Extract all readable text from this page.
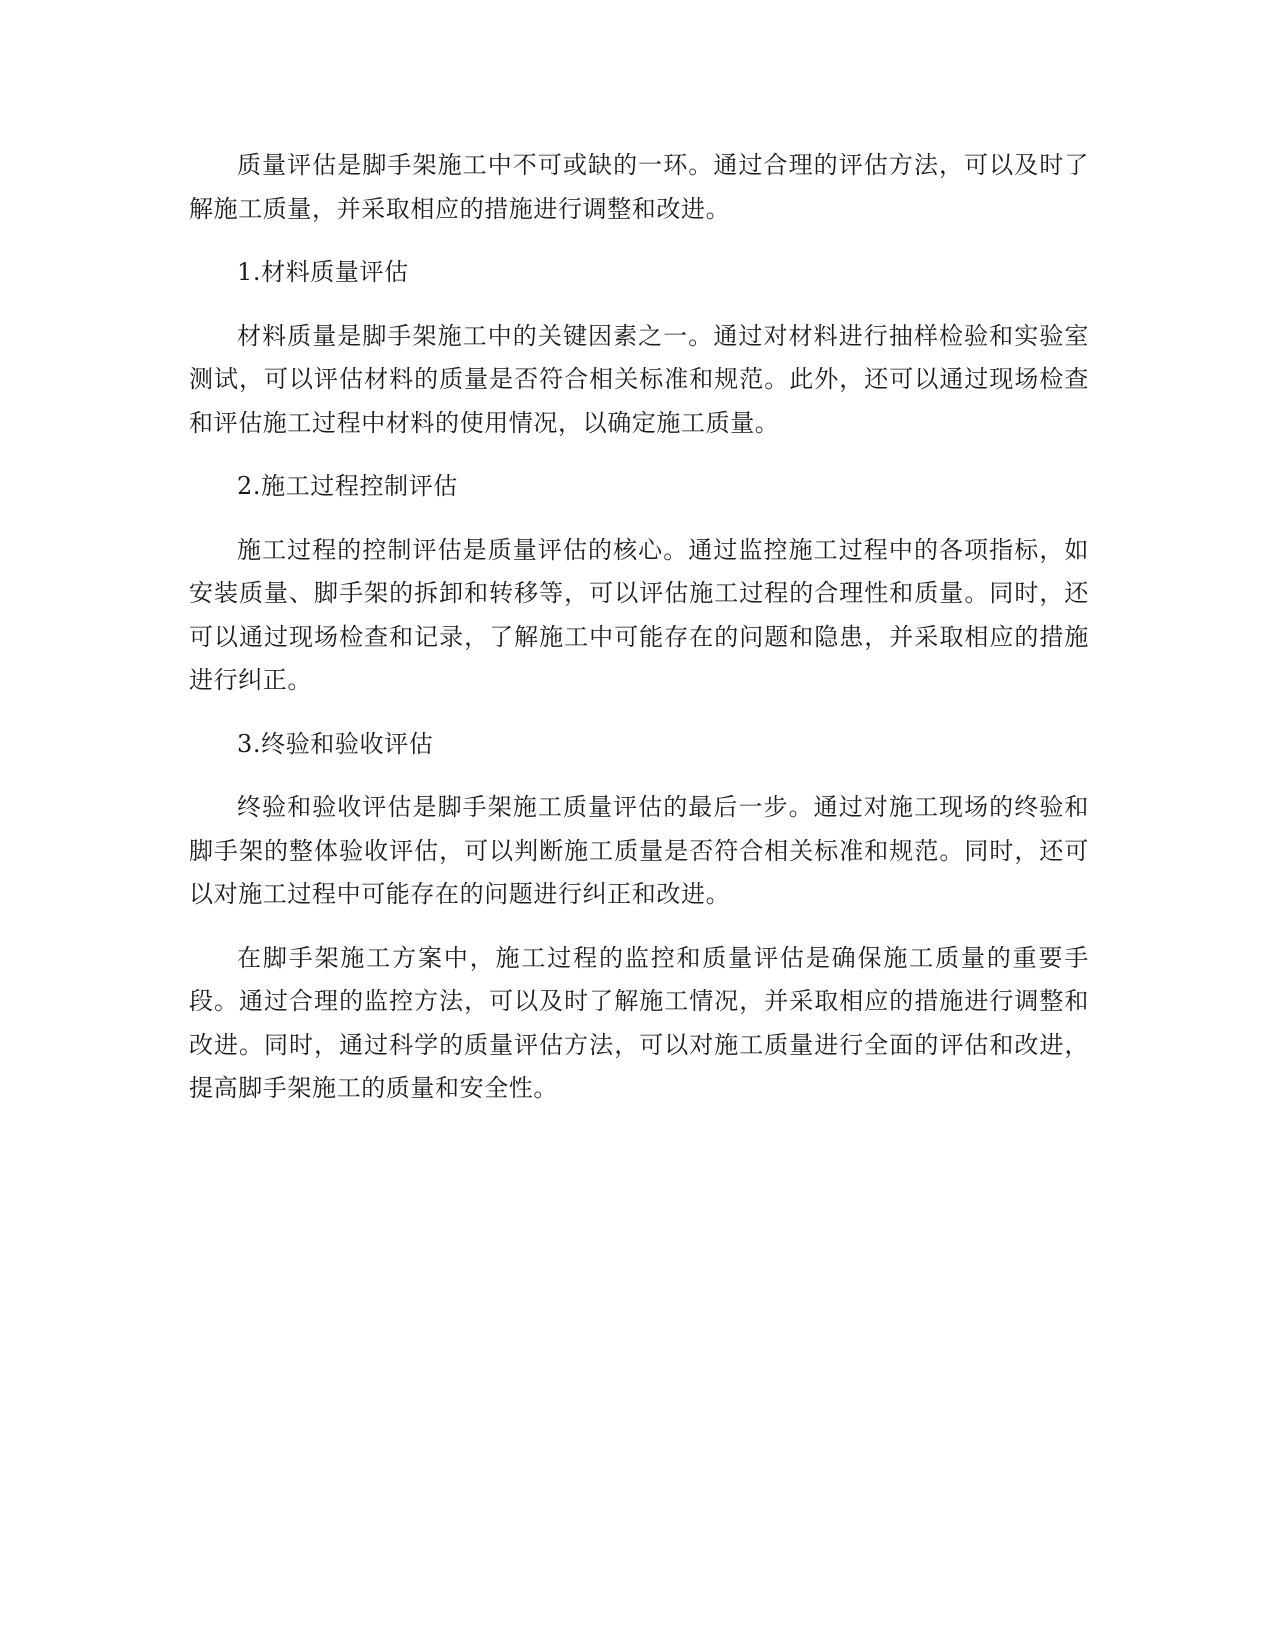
质量评估是脚手架施工中不可或缺的一环。通过合理的评估方法，可以及时了解施工质量，并采取相应的措施进行调整和改进。

1.材料质量评估

材料质量是脚手架施工中的关键因素之一。通过对材料进行抽样检验和实验室测试，可以评估材料的质量是否符合相关标准和规范。此外，还可以通过现场检查和评估施工过程中材料的使用情况，以确定施工质量。

2.施工过程控制评估

施工过程的控制评估是质量评估的核心。通过监控施工过程中的各项指标，如安装质量、脚手架的拆卸和转移等，可以评估施工过程的合理性和质量。同时，还可以通过现场检查和记录，了解施工中可能存在的问题和隐患，并采取相应的措施进行纠正。

3.终验和验收评估

终验和验收评估是脚手架施工质量评估的最后一步。通过对施工现场的终验和脚手架的整体验收评估，可以判断施工质量是否符合相关标准和规范。同时，还可以对施工过程中可能存在的问题进行纠正和改进。

在脚手架施工方案中，施工过程的监控和质量评估是确保施工质量的重要手段。通过合理的监控方法，可以及时了解施工情况，并采取相应的措施进行调整和改进。同时，通过科学的质量评估方法，可以对施工质量进行全面的评估和改进，提高脚手架施工的质量和安全性。
